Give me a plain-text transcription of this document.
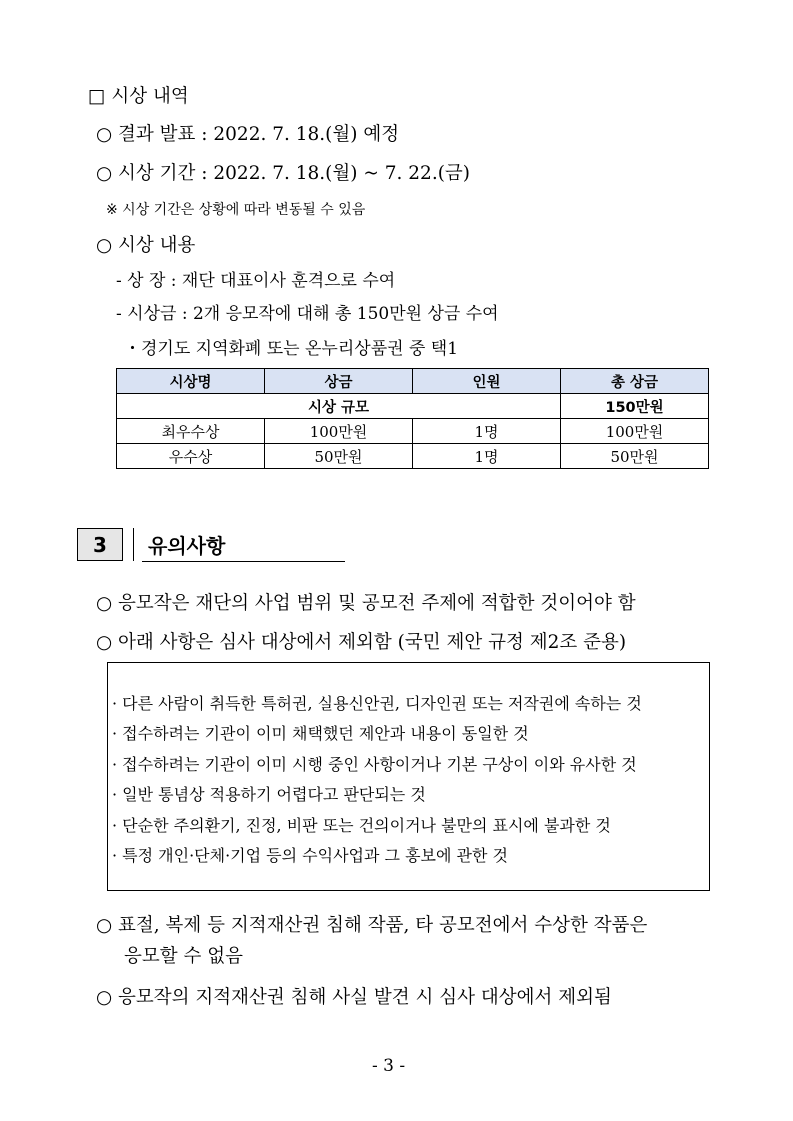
□ 시상 내역
○ 결과 발표 : 2022. 7. 18.(월) 예정
○ 시상 기간 : 2022. 7. 18.(월) ~ 7. 22.(금)
※ 시상 기간은 상황에 따라 변동될 수 있음
○ 시상 내용
- 상 장 : 재단 대표이사 훈격으로 수여
- 시상금 : 2개 응모작에 대해 총 150만원 상금 수여
・경기도 지역화폐 또는 온누리상품권 중 택1
시상명	상금	인원	총 상금
시상 규모			150만원
최우수상	100만원	1명	100만원
우수상	50만원	1명	50만원
3	유의사항
○ 응모작은 재단의 사업 범위 및 공모전 주제에 적합한 것이어야 함
○ 아래 사항은 심사 대상에서 제외함 (국민 제안 규정 제2조 준용)
· 다른 사람이 취득한 특허권, 실용신안권, 디자인권 또는 저작권에 속하는 것
· 접수하려는 기관이 이미 채택했던 제안과 내용이 동일한 것
· 접수하려는 기관이 이미 시행 중인 사항이거나 기본 구상이 이와 유사한 것
· 일반 통념상 적용하기 어렵다고 판단되는 것
· 단순한 주의환기, 진정, 비판 또는 건의이거나 불만의 표시에 불과한 것
· 특정 개인·단체·기업 등의 수익사업과 그 홍보에 관한 것
○ 표절, 복제 등 지적재산권 침해 작품, 타 공모전에서 수상한 작품은
응모할 수 없음
○ 응모작의 지적재산권 침해 사실 발견 시 심사 대상에서 제외됨
- 3 -
